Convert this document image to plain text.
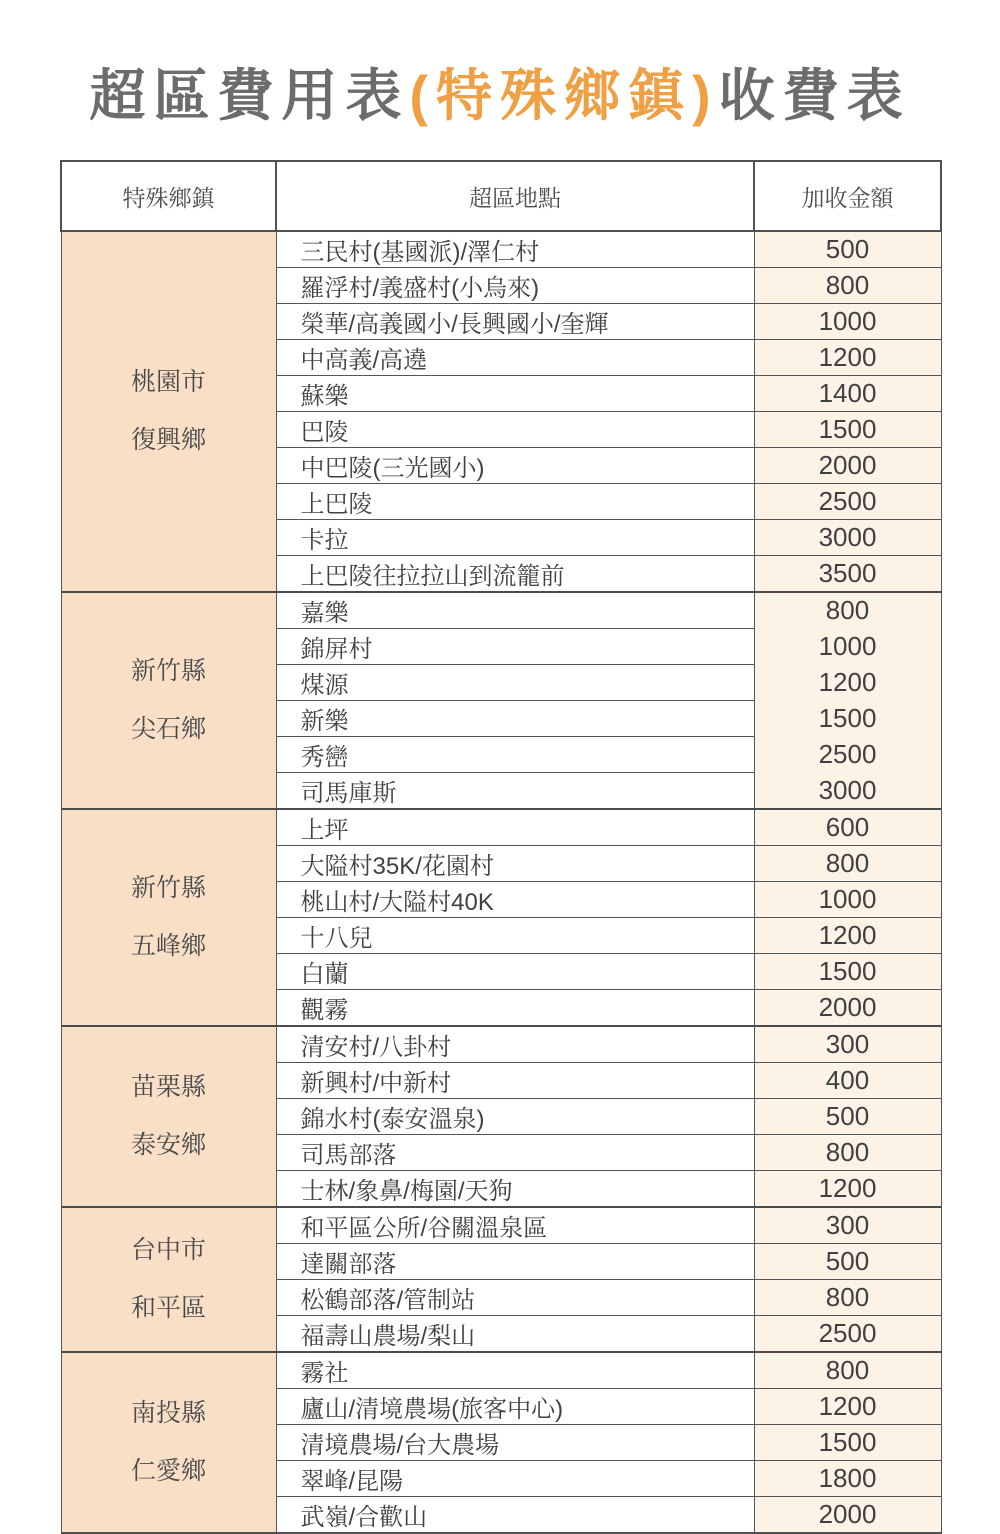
超區費用表(特殊鄉鎮)收費表
特殊鄉鎮	超區地點	加收金額

桃園市
復興鄉	三民村(基國派)/澤仁村	500
	羅浮村/義盛村(小烏來)	800
	榮華/高義國小/長興國小/奎輝	1000
	中高義/高遶	1200
	蘇樂	1400
	巴陵	1500
	中巴陵(三光國小)	2000
	上巴陵	2500
	卡拉	3000
	上巴陵往拉拉山到流籠前	3500

新竹縣
尖石鄉	嘉樂	800
	錦屏村	1000
	煤源	1200
	新樂	1500
	秀巒	2500
	司馬庫斯	3000

新竹縣
五峰鄉	上坪	600
	大隘村35K/花園村	800
	桃山村/大隘村40K	1000
	十八兒	1200
	白蘭	1500
	觀霧	2000

苗栗縣
泰安鄉	清安村/八卦村	300
	新興村/中新村	400
	錦水村(泰安溫泉)	500
	司馬部落	800
	士林/象鼻/梅園/天狗	1200

台中市
和平區	和平區公所/谷關溫泉區	300
	達關部落	500
	松鶴部落/管制站	800
	福壽山農場/梨山	2500

南投縣
仁愛鄉	霧社	800
	廬山/清境農場(旅客中心)	1200
	清境農場/台大農場	1500
	翠峰/昆陽	1800
	武嶺/合歡山	2000
